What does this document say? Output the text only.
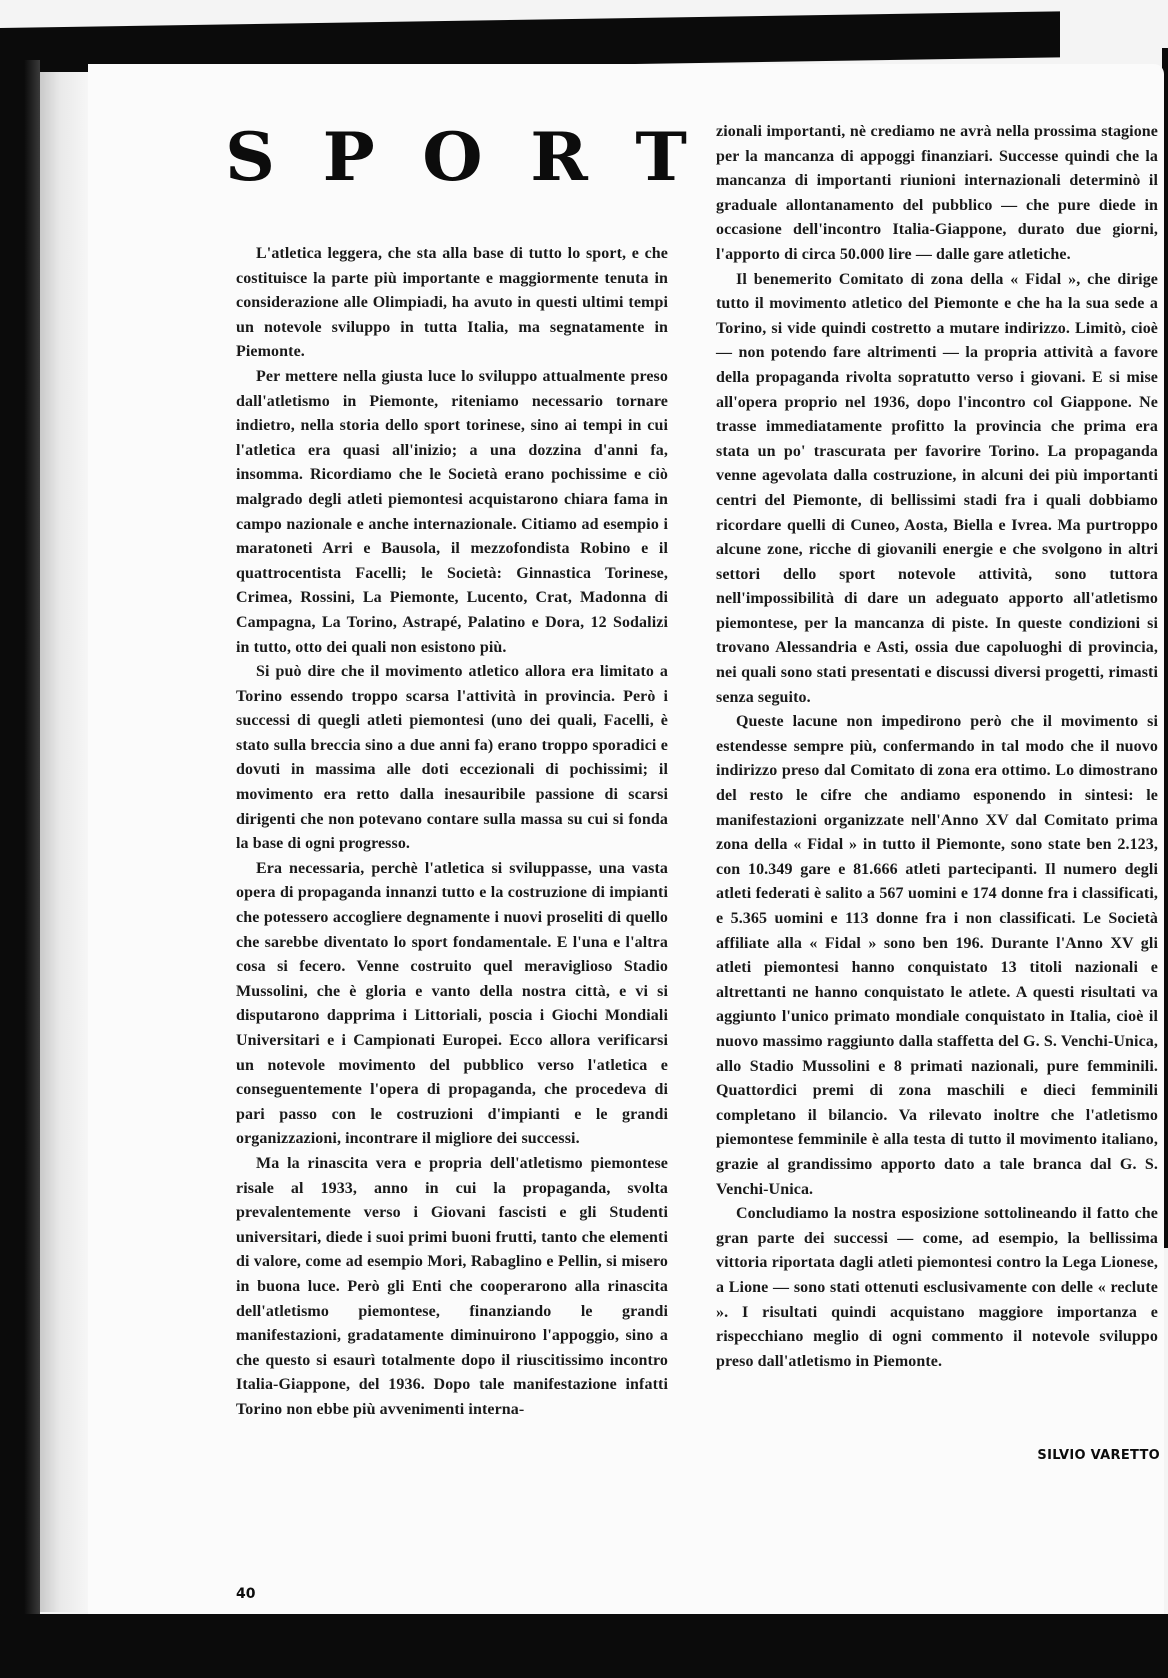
S P O R T

L'atletica leggera, che sta alla base di tutto lo sport, e che costituisce la parte più importante e maggiormente tenuta in considerazione alle Olimpiadi, ha avuto in questi ultimi tempi un notevole sviluppo in tutta Italia, ma segnatamente in Piemonte.

Per mettere nella giusta luce lo sviluppo attualmente preso dall'atletismo in Piemonte, riteniamo necessario tornare indietro, nella storia dello sport torinese, sino ai tempi in cui l'atletica era quasi all'inizio; a una dozzina d'anni fa, insomma. Ricordiamo che le Società erano pochissime e ciò malgrado degli atleti piemontesi acquistarono chiara fama in campo nazionale e anche internazionale. Citiamo ad esempio i maratoneti Arri e Bausola, il mezzofondista Robino e il quattrocentista Facelli; le Società: Ginnastica Torinese, Crimea, Rossini, La Piemonte, Lucento, Crat, Madonna di Campagna, La Torino, Astrapé, Palatino e Dora, 12 Sodalizi in tutto, otto dei quali non esistono più.

Si può dire che il movimento atletico allora era limitato a Torino essendo troppo scarsa l'attività in provincia. Però i successi di quegli atleti piemontesi (uno dei quali, Facelli, è stato sulla breccia sino a due anni fa) erano troppo sporadici e dovuti in massima alle doti eccezionali di pochissimi; il movimento era retto dalla inesauribile passione di scarsi dirigenti che non potevano contare sulla massa su cui si fonda la base di ogni progresso.

Era necessaria, perchè l'atletica si sviluppasse, una vasta opera di propaganda innanzi tutto e la costruzione di impianti che potessero accogliere degnamente i nuovi proseliti di quello che sarebbe diventato lo sport fondamentale. E l'una e l'altra cosa si fecero. Venne costruito quel meraviglioso Stadio Mussolini, che è gloria e vanto della nostra città, e vi si disputarono dapprima i Littoriali, poscia i Giochi Mondiali Universitari e i Campionati Europei. Ecco allora verificarsi un notevole movimento del pubblico verso l'atletica e conseguentemente l'opera di propaganda, che procedeva di pari passo con le costruzioni d'impianti e le grandi organizzazioni, incontrare il migliore dei successi.

Ma la rinascita vera e propria dell'atletismo piemontese risale al 1933, anno in cui la propaganda, svolta prevalentemente verso i Giovani fascisti e gli Studenti universitari, diede i suoi primi buoni frutti, tanto che elementi di valore, come ad esempio Mori, Rabaglino e Pellin, si misero in buona luce. Però gli Enti che cooperarono alla rinascita dell'atletismo piemontese, finanziando le grandi manifestazioni, gradatamente diminuirono l'appoggio, sino a che questo si esaurì totalmente dopo il riuscitissimo incontro Italia-Giappone, del 1936. Dopo tale manifestazione infatti Torino non ebbe più avvenimenti interna-

zionali importanti, nè crediamo ne avrà nella prossima stagione per la mancanza di appoggi finanziari. Successe quindi che la mancanza di importanti riunioni internazionali determinò il graduale allontanamento del pubblico — che pure diede in occasione dell'incontro Italia-Giappone, durato due giorni, l'apporto di circa 50.000 lire — dalle gare atletiche.

Il benemerito Comitato di zona della « Fidal », che dirige tutto il movimento atletico del Piemonte e che ha la sua sede a Torino, si vide quindi costretto a mutare indirizzo. Limitò, cioè — non potendo fare altrimenti — la propria attività a favore della propaganda rivolta sopratutto verso i giovani. E si mise all'opera proprio nel 1936, dopo l'incontro col Giappone. Ne trasse immediatamente profitto la provincia che prima era stata un po' trascurata per favorire Torino. La propaganda venne agevolata dalla costruzione, in alcuni dei più importanti centri del Piemonte, di bellissimi stadi fra i quali dobbiamo ricordare quelli di Cuneo, Aosta, Biella e Ivrea. Ma purtroppo alcune zone, ricche di giovanili energie e che svolgono in altri settori dello sport notevole attività, sono tuttora nell'impossibilità di dare un adeguato apporto all'atletismo piemontese, per la mancanza di piste. In queste condizioni si trovano Alessandria e Asti, ossia due capoluoghi di provincia, nei quali sono stati presentati e discussi diversi progetti, rimasti senza seguito.

Queste lacune non impedirono però che il movimento si estendesse sempre più, confermando in tal modo che il nuovo indirizzo preso dal Comitato di zona era ottimo. Lo dimostrano del resto le cifre che andiamo esponendo in sintesi: le manifestazioni organizzate nell'Anno XV dal Comitato prima zona della « Fidal » in tutto il Piemonte, sono state ben 2.123, con 10.349 gare e 81.666 atleti partecipanti. Il numero degli atleti federati è salito a 567 uomini e 174 donne fra i classificati, e 5.365 uomini e 113 donne fra i non classificati. Le Società affiliate alla « Fidal » sono ben 196. Durante l'Anno XV gli atleti piemontesi hanno conquistato 13 titoli nazionali e altrettanti ne hanno conquistato le atlete. A questi risultati va aggiunto l'unico primato mondiale conquistato in Italia, cioè il nuovo massimo raggiunto dalla staffetta del G. S. Venchi-Unica, allo Stadio Mussolini e 8 primati nazionali, pure femminili. Quattordici premi di zona maschili e dieci femminili completano il bilancio. Va rilevato inoltre che l'atletismo piemontese femminile è alla testa di tutto il movimento italiano, grazie al grandissimo apporto dato a tale branca dal G. S. Venchi-Unica.

Concludiamo la nostra esposizione sottolineando il fatto che gran parte dei successi — come, ad esempio, la bellissima vittoria riportata dagli atleti piemontesi contro la Lega Lionese, a Lione — sono stati ottenuti esclusivamente con delle « reclute ». I risultati quindi acquistano maggiore importanza e rispecchiano meglio di ogni commento il notevole sviluppo preso dall'atletismo in Piemonte.

SILVIO VARETTO
40
